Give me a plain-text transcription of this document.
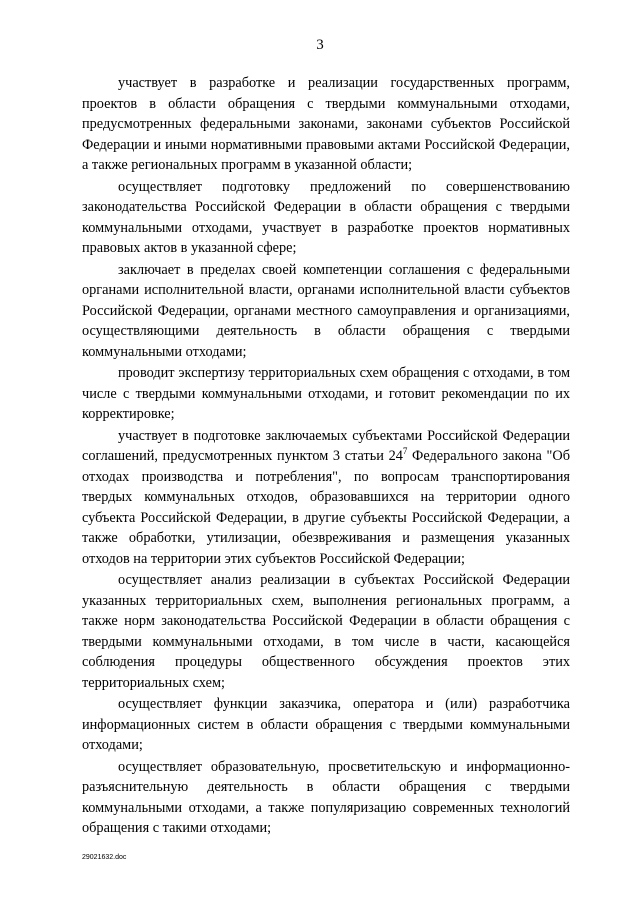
3

участвует в разработке и реализации государственных программ, проектов в области обращения с твердыми коммунальными отходами, предусмотренных федеральными законами, законами субъектов Российской Федерации и иными нормативными правовыми актами Российской Федерации, а также региональных программ в указанной области;

осуществляет подготовку предложений по совершенствованию законодательства Российской Федерации в области обращения с твердыми коммунальными отходами, участвует в разработке проектов нормативных правовых актов в указанной сфере;

заключает в пределах своей компетенции соглашения с федеральными органами исполнительной власти, органами исполнительной власти субъектов Российской Федерации, органами местного самоуправления и организациями, осуществляющими деятельность в области обращения с твердыми коммунальными отходами;

проводит экспертизу территориальных схем обращения с отходами, в том числе с твердыми коммунальными отходами, и готовит рекомендации по их корректировке;

участвует в подготовке заключаемых субъектами Российской Федерации соглашений, предусмотренных пунктом 3 статьи $24^7$ Федерального закона "Об отходах производства и потребления", по вопросам транспортирования твердых коммунальных отходов, образовавшихся на территории одного субъекта Российской Федерации, в другие субъекты Российской Федерации, а также обработки, утилизации, обезвреживания и размещения указанных отходов на территории этих субъектов Российской Федерации;

осуществляет анализ реализации в субъектах Российской Федерации указанных территориальных схем, выполнения региональных программ, а также норм законодательства Российской Федерации в области обращения с твердыми коммунальными отходами, в том числе в части, касающейся соблюдения процедуры общественного обсуждения проектов этих территориальных схем;

осуществляет функции заказчика, оператора и (или) разработчика информационных систем в области обращения с твердыми коммунальными отходами;

осуществляет образовательную, просветительскую и информационно-разъяснительную деятельность в области обращения с твердыми коммунальными отходами, а также популяризацию современных технологий обращения с такими отходами;

29021632.doc
